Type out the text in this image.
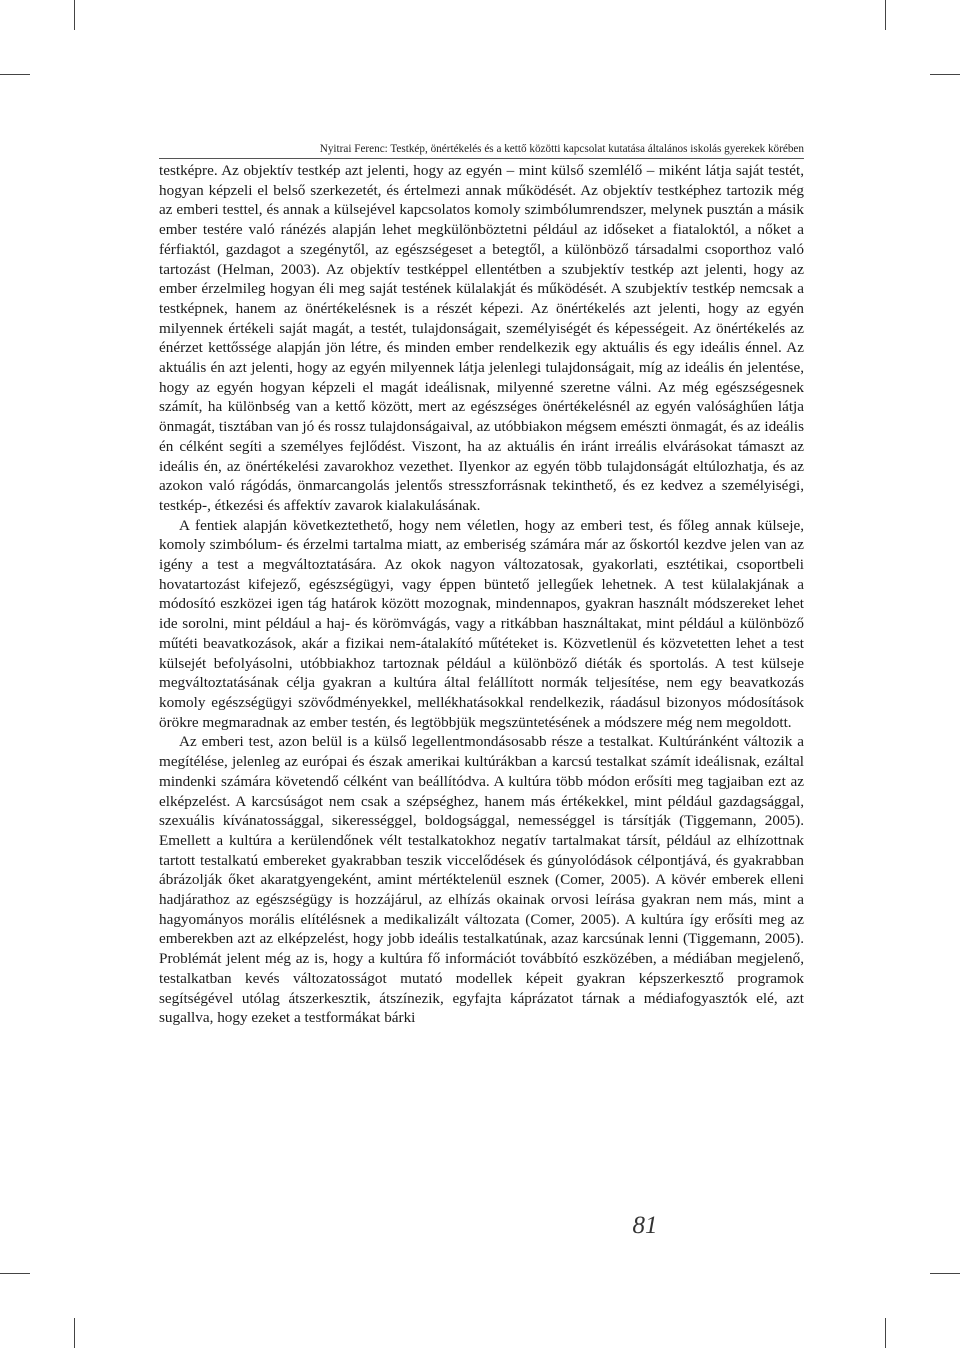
Nyitrai Ferenc: Testkép, önértékelés és a kettő közötti kapcsolat kutatása általános iskolás gyerekek körében

testképre. Az objektív testkép azt jelenti, hogy az egyén – mint külső szemlélő – miként látja saját testét, hogyan képzeli el belső szerkezetét, és értelmezi annak működését. Az objektív testképhez tartozik még az emberi testtel, és annak a külsejével kapcsolatos komoly szimbólumrendszer, melynek pusztán a másik ember testére való ránézés alapján lehet megkülönböztetni például az időseket a fiataloktól, a nőket a férfiaktól, gazdagot a szegénytől, az egészségeset a betegtől, a különböző társadalmi csoporthoz való tartozást (Helman, 2003). Az objektív testképpel ellentétben a szubjektív testkép azt jelenti, hogy az ember érzelmileg hogyan éli meg saját testének külalakját és működését. A szubjektív testkép nemcsak a testképnek, hanem az önértékelésnek is a részét képezi. Az önértékelés azt jelenti, hogy az egyén milyennek értékeli saját magát, a testét, tulajdonságait, személyiségét és képességeit. Az önértékelés az énérzet kettőssége alapján jön létre, és minden ember rendelkezik egy aktuális és egy ideális énnel. Az aktuális én azt jelenti, hogy az egyén milyennek látja jelenlegi tulajdonságait, míg az ideális én jelentése, hogy az egyén hogyan képzeli el magát ideálisnak, milyenné szeretne válni. Az még egészségesnek számít, ha különbség van a kettő között, mert az egészséges önértékelésnél az egyén valósághűen látja önmagát, tisztában van jó és rossz tulajdonságaival, az utóbbiakon mégsem emészti önmagát, és az ideális én célként segíti a személyes fejlődést. Viszont, ha az aktuális én iránt irreális elvárásokat támaszt az ideális én, az önértékelési zavarokhoz vezethet. Ilyenkor az egyén több tulajdonságát eltúlozhatja, és az azokon való rágódás, önmarcangolás jelentős stresszforrásnak tekinthető, és ez kedvez a személyiségi, testkép-, étkezési és affektív zavarok kialakulásának.

A fentiek alapján következtethető, hogy nem véletlen, hogy az emberi test, és főleg annak külseje, komoly szimbólum- és érzelmi tartalma miatt, az emberiség számára már az őskortól kezdve jelen van az igény a test a megváltoztatására. Az okok nagyon változatosak, gyakorlati, esztétikai, csoportbeli hovatartozást kifejező, egészségügyi, vagy éppen büntető jellegűek lehetnek. A test külalakjának a módosító eszközei igen tág határok között mozognak, mindennapos, gyakran használt módszereket lehet ide sorolni, mint például a haj- és körömvágás, vagy a ritkábban használtakat, mint például a különböző műtéti beavatkozások, akár a fizikai nem-átalakító műtéteket is. Közvetlenül és közvetetten lehet a test külsejét befolyásolni, utóbbiakhoz tartoznak például a különböző diéták és sportolás. A test külseje megváltoztatásának célja gyakran a kultúra által felállított normák teljesítése, nem egy beavatkozás komoly egészségügyi szövődményekkel, mellékhatásokkal rendelkezik, ráadásul bizonyos módosítások örökre megmaradnak az ember testén, és legtöbbjük megszüntetésének a módszere még nem megoldott.

Az emberi test, azon belül is a külső legellentmondásosabb része a testalkat. Kultúránként változik a megítélése, jelenleg az európai és észak amerikai kultúrákban a karcsú testalkat számít ideálisnak, ezáltal mindenki számára követendő célként van beállítódva. A kultúra több módon erősíti meg tagjaiban ezt az elképzelést. A karcsúságot nem csak a szépséghez, hanem más értékekkel, mint például gazdagsággal, szexuális kívánatossággal, sikerességgel, boldogsággal, nemességgel is társítják (Tiggemann, 2005). Emellett a kultúra a kerülendőnek vélt testalkatokhoz negatív tartalmakat társít, például az elhízottnak tartott testalkatú embereket gyakrabban teszik viccelődések és gúnyolódások célpontjává, és gyakrabban ábrázolják őket akaratgyengeként, amint mértéktelenül esznek (Comer, 2005). A kövér emberek elleni hadjárathoz az egészségügy is hozzájárul, az elhízás okainak orvosi leírása gyakran nem más, mint a hagyományos morális elítélésnek a medikalizált változata (Comer, 2005). A kultúra így erősíti meg az emberekben azt az elképzelést, hogy jobb ideális testalkatúnak, azaz karcsúnak lenni (Tiggemann, 2005). Problémát jelent még az is, hogy a kultúra fő információt továbbító eszközében, a médiában megjelenő, testalkatban kevés változatosságot mutató modellek képeit gyakran képszerkesztő programok segítségével utólag átszerkesztik, átszínezik, egyfajta káprázatot tárnak a médiafogyasztók elé, azt sugallva, hogy ezeket a testformákat bárki

81
